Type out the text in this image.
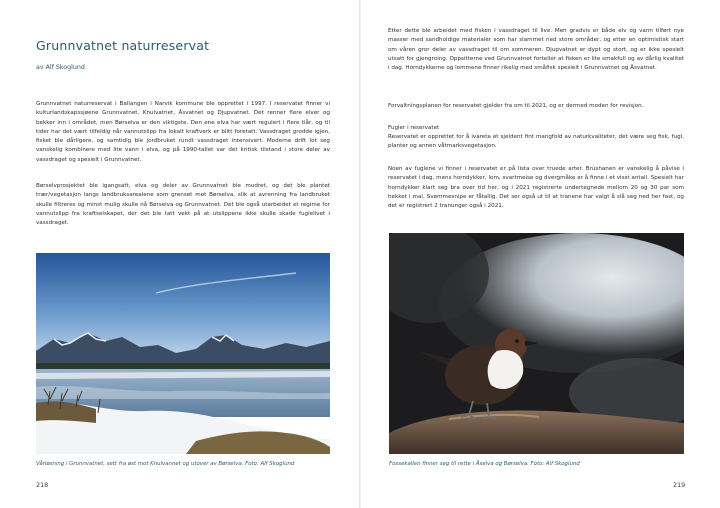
Grunnvatnet naturreservat
av Alf Skoglund

Grunnvatnet naturreservat i Ballangen i Narvik kommune ble opprettet i 1997. I reservatet finner vi kulturlandskapssjøene Grunnvatnet, Knulvatnet, Åsvatnet og Djupvatnet. Det renner flere elver og bekker inn i området, men Børselva er den viktigste. Den ene elva har vært regulert i flere tiår, og til tider har det vært tilfeldig når vannutslipp fra lokalt kraftverk er blitt foretatt. Vassdraget grodde igjen, fisket ble dårligere, og samtidig ble jordbruket rundt vassdraget intensivert. Moderne drift lot seg vanskelig kombinere med lite vann i elva, og på 1990-tallet var det kritisk tilstand i store deler av vassdraget og spesielt i Grunnvatnet.

Børselvprosjektet ble igangsatt, elva og deler av Grunnvatnet ble mudret, og det ble plantet trær/vegetasjon langs landbruksarealene som grenset mot Børselva, slik at avrenning fra landbruket skulle filtreres og minst mulig skulle nå Børselva og Grunnvatnet. Det ble også utarbeidet et regime for vannutslipp fra kraftselskapet, der det ble tatt vekt på at utslippene ikke skulle skade fuglelivet i vassdraget.

Vårløsning i Grunnvatnet, sett fra øst mot Knulvannet og utover av Børselva. Foto: Alf Skoglund

218

Etter dette ble arbeidet med fisken i vassdraget til live. Men gradvis er både elv og vann tilført nye masser med sandholdige materialer som har slammet ned store områder, og etter en optimistisk start om våren gror deler av vassdraget til om sommeren. Djupvatnet er dypt og stort, og er ikke spesielt utsatt for gjengroing. Oppsitterne ved Grunnvatnet forteller at fisken er lite smakfull og av dårlig kvalitet i dag. Horndykkerne og lommene finner rikelig med småfisk spesielt i Grunnvatnet og Åsvatnet.

Forvaltningsplanen for reservatet gjelder fra om til 2021, og er dermed moden for revisjon.

Fugler i reservatet

Reservatet er opprettet for å ivareta et sjeldent fint mangfold av naturkvaliteter, det være seg fisk, fugl, planter og annen våtmarksvegetasjon.

Noen av fuglene vi finner i reservatet er på lista over truede arter. Brushanen er vanskelig å påvise i reservatet i dag, mens horndykker, lom, svartmeise og dvergmåke er å finne i et visst antall. Spesielt har horndykker klart seg bra over tid her, og i 2021 registrerte undertegnede mellom 20 og 30 par som hekket i mai. Svømmesnipe er fåtallig. Det ser også ut til at tranene har valgt å slå seg ned her fast, og det er registrert 2 tranunger også i 2021.

Fossekallen finner seg til rette i Åselva og Børselva. Foto: Alf Skoglund

219
